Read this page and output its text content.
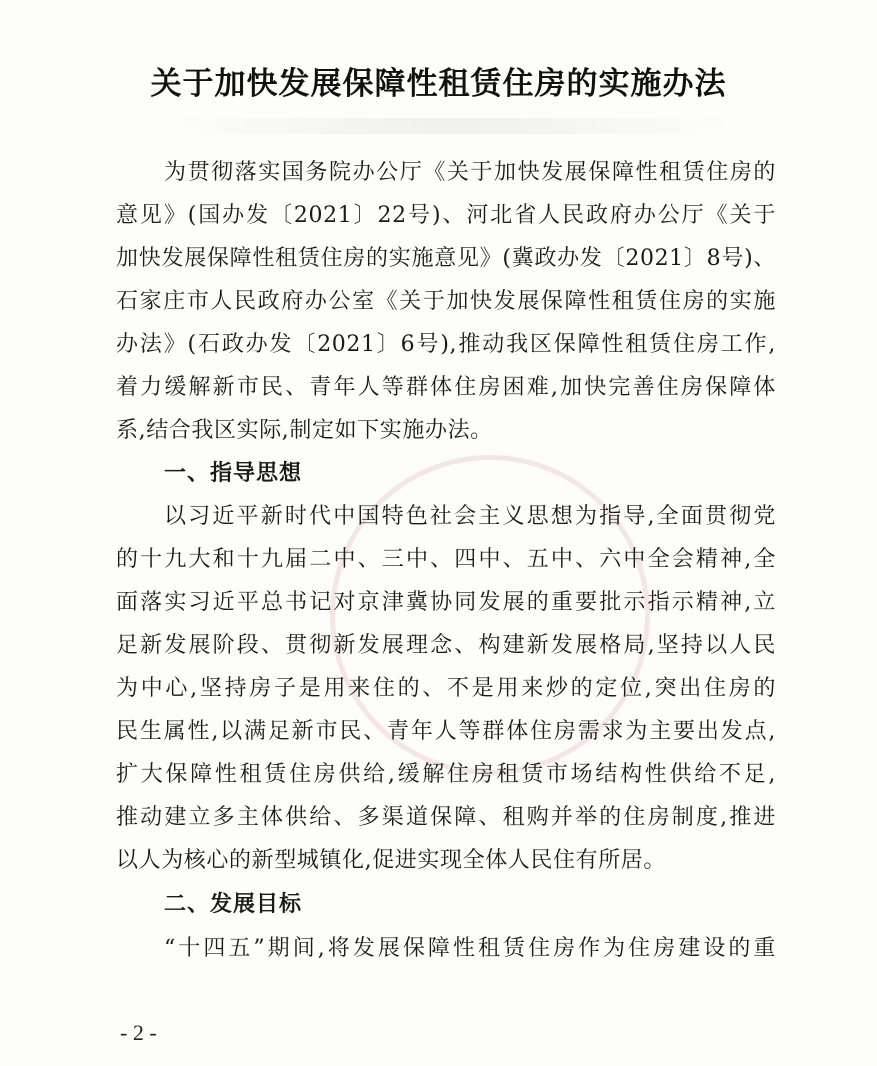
关于加快发展保障性租赁住房的实施办法
为贯彻落实国务院办公厅《关于加快发展保障性租赁住房的
意见》(国办发〔2021〕22号)、河北省人民政府办公厅《关于
加快发展保障性租赁住房的实施意见》(冀政办发〔2021〕8号)、
石家庄市人民政府办公室《关于加快发展保障性租赁住房的实施
办法》(石政办发〔2021〕6号),推动我区保障性租赁住房工作,
着力缓解新市民、青年人等群体住房困难,加快完善住房保障体
系,结合我区实际,制定如下实施办法。
一、指导思想
以习近平新时代中国特色社会主义思想为指导,全面贯彻党
的十九大和十九届二中、三中、四中、五中、六中全会精神,全
面落实习近平总书记对京津冀协同发展的重要批示指示精神,立
足新发展阶段、贯彻新发展理念、构建新发展格局,坚持以人民
为中心,坚持房子是用来住的、不是用来炒的定位,突出住房的
民生属性,以满足新市民、青年人等群体住房需求为主要出发点,
扩大保障性租赁住房供给,缓解住房租赁市场结构性供给不足,
推动建立多主体供给、多渠道保障、租购并举的住房制度,推进
以人为核心的新型城镇化,促进实现全体人民住有所居。
二、发展目标
“十四五”期间,将发展保障性租赁住房作为住房建设的重
- 2 -
